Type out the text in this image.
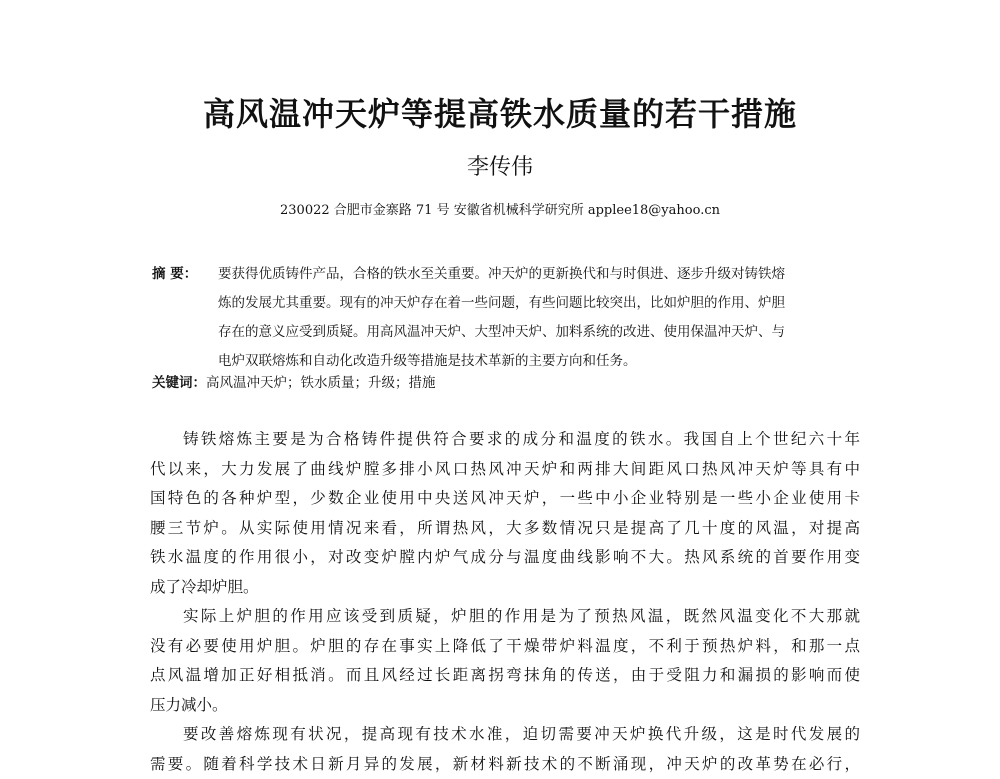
高风温冲天炉等提高铁水质量的若干措施
李传伟
230022 合肥市金寨路 71 号 安徽省机械科学研究所 applee18@yahoo.cn
摘 要： 要获得优质铸件产品，合格的铁水至关重要。冲天炉的更新换代和与时俱进、逐步升级对铸铁熔
炼的发展尤其重要。现有的冲天炉存在着一些问题，有些问题比较突出，比如炉胆的作用、炉胆
存在的意义应受到质疑。用高风温冲天炉、大型冲天炉、加料系统的改进、使用保温冲天炉、与
电炉双联熔炼和自动化改造升级等措施是技术革新的主要方向和任务。
关键词：高风温冲天炉；铁水质量；升级；措施
铸铁熔炼主要是为合格铸件提供符合要求的成分和温度的铁水。我国自上个世纪六十年
代以来，大力发展了曲线炉膛多排小风口热风冲天炉和两排大间距风口热风冲天炉等具有中
国特色的各种炉型，少数企业使用中央送风冲天炉，一些中小企业特别是一些小企业使用卡
腰三节炉。从实际使用情况来看，所谓热风，大多数情况只是提高了几十度的风温，对提高
铁水温度的作用很小，对改变炉膛内炉气成分与温度曲线影响不大。热风系统的首要作用变
成了冷却炉胆。
实际上炉胆的作用应该受到质疑，炉胆的作用是为了预热风温，既然风温变化不大那就
没有必要使用炉胆。炉胆的存在事实上降低了干燥带炉料温度，不利于预热炉料，和那一点
点风温增加正好相抵消。而且风经过长距离拐弯抹角的传送，由于受阻力和漏损的影响而使
压力减小。
要改善熔炼现有状况，提高现有技术水准，迫切需要冲天炉换代升级，这是时代发展的
需要。随着科学技术日新月异的发展，新材料新技术的不断涌现，冲天炉的改革势在必行，
